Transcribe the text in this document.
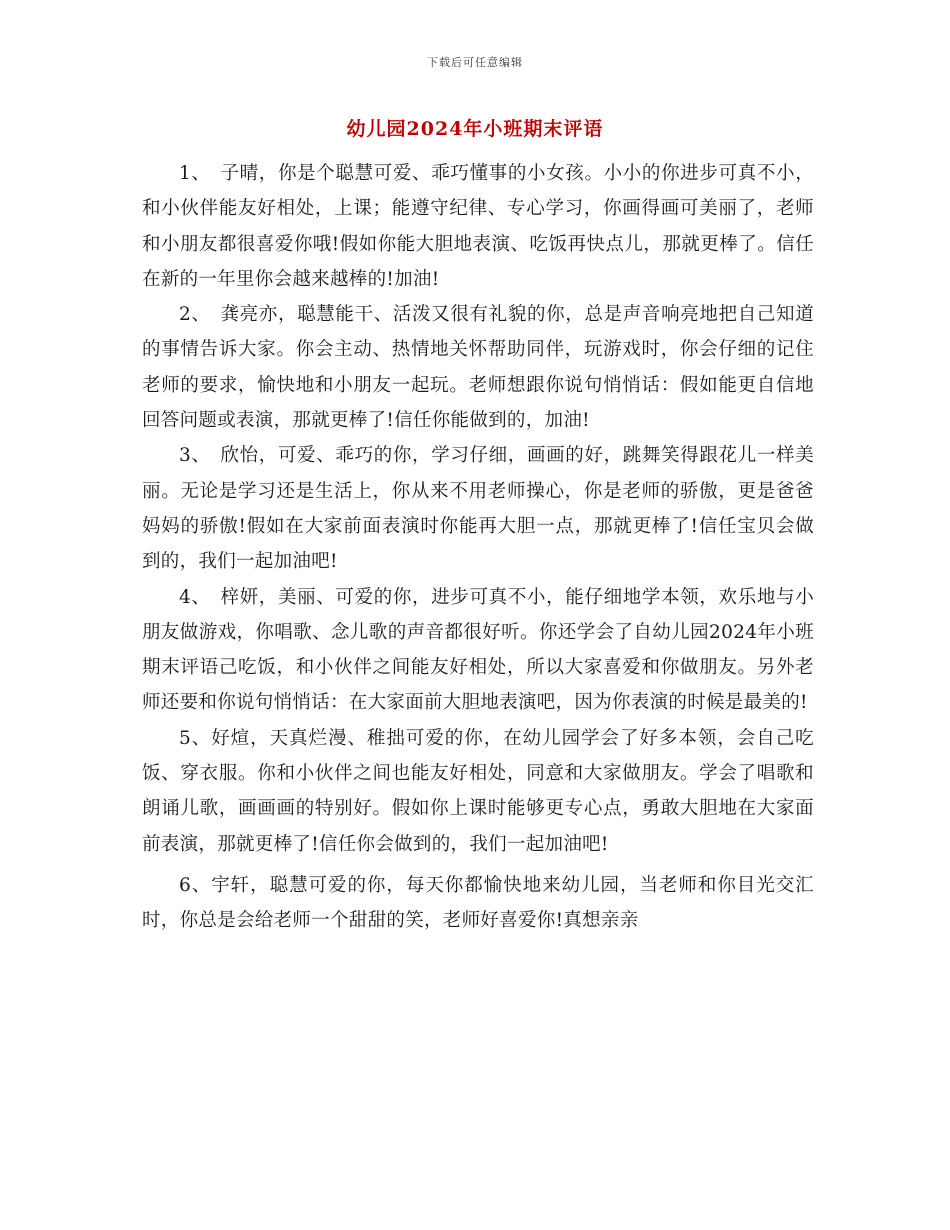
下载后可任意编辑
幼儿园2024年小班期末评语

1、　子晴，你是个聪慧可爱、乖巧懂事的小女孩。小小的你进步可真不小，和小伙伴能友好相处，上课；能遵守纪律、专心学习，你画得画可美丽了，老师和小朋友都很喜爱你哦!假如你能大胆地表演、吃饭再快点儿，那就更棒了。信任在新的一年里你会越来越棒的!加油!

2、　龚亮亦，聪慧能干、活泼又很有礼貌的你，总是声音响亮地把自己知道的事情告诉大家。你会主动、热情地关怀帮助同伴，玩游戏时，你会仔细的记住老师的要求，愉快地和小朋友一起玩。老师想跟你说句悄悄话：假如能更自信地回答问题或表演，那就更棒了!信任你能做到的，加油!

3、　欣怡，可爱、乖巧的你，学习仔细，画画的好，跳舞笑得跟花儿一样美丽。无论是学习还是生活上，你从来不用老师操心，你是老师的骄傲，更是爸爸妈妈的骄傲!假如在大家前面表演时你能再大胆一点，那就更棒了!信任宝贝会做到的，我们一起加油吧!

4、　梓妍，美丽、可爱的你，进步可真不小，能仔细地学本领，欢乐地与小朋友做游戏，你唱歌、念儿歌的声音都很好听。你还学会了自幼儿园2024年小班期末评语己吃饭，和小伙伴之间能友好相处，所以大家喜爱和你做朋友。另外老师还要和你说句悄悄话：在大家面前大胆地表演吧，因为你表演的时候是最美的!

5、好煊，天真烂漫、稚拙可爱的你，在幼儿园学会了好多本领，会自己吃饭、穿衣服。你和小伙伴之间也能友好相处，同意和大家做朋友。学会了唱歌和朗诵儿歌，画画画的特别好。假如你上课时能够更专心点，勇敢大胆地在大家面前表演，那就更棒了!信任你会做到的，我们一起加油吧!

6、宇轩，聪慧可爱的你，每天你都愉快地来幼儿园，当老师和你目光交汇时，你总是会给老师一个甜甜的笑，老师好喜爱你!真想亲亲
